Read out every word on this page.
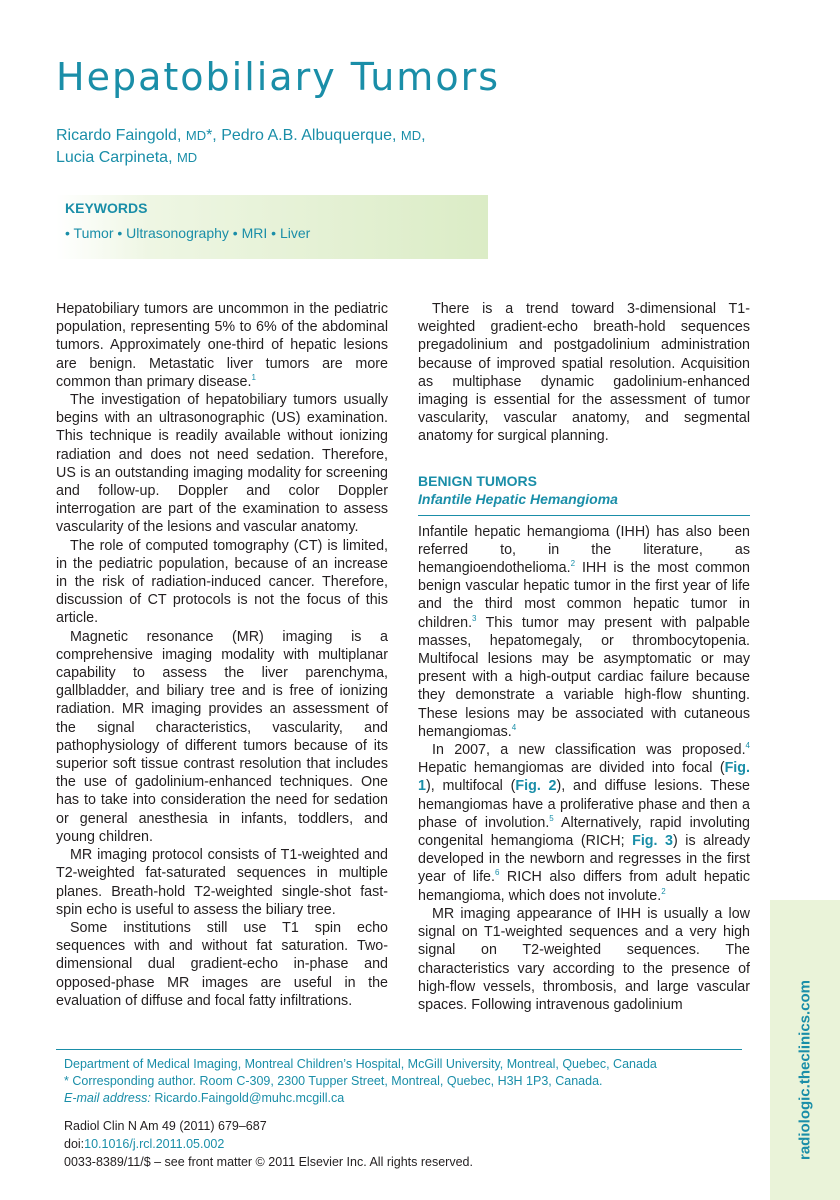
Hepatobiliary Tumors
Ricardo Faingold, MD*, Pedro A.B. Albuquerque, MD,
Lucia Carpineta, MD
KEYWORDS
• Tumor • Ultrasonography • MRI • Liver

Hepatobiliary tumors are uncommon in the pediatric population, representing 5% to 6% of the abdominal tumors. Approximately one-third of hepatic lesions are benign. Metastatic liver tumors are more common than primary disease.$^1$

The investigation of hepatobiliary tumors usually begins with an ultrasonographic (US) examination. This technique is readily available without ionizing radiation and does not need sedation. Therefore, US is an outstanding imaging modality for screening and follow-up. Doppler and color Doppler interrogation are part of the examination to assess vascularity of the lesions and vascular anatomy.

The role of computed tomography (CT) is limited, in the pediatric population, because of an increase in the risk of radiation-induced cancer. Therefore, discussion of CT protocols is not the focus of this article.

Magnetic resonance (MR) imaging is a comprehensive imaging modality with multiplanar capability to assess the liver parenchyma, gallbladder, and biliary tree and is free of ionizing radiation. MR imaging provides an assessment of the signal characteristics, vascularity, and pathophysiology of different tumors because of its superior soft tissue contrast resolution that includes the use of gadolinium-enhanced techniques. One has to take into consideration the need for sedation or general anesthesia in infants, toddlers, and young children.

MR imaging protocol consists of T1-weighted and T2-weighted fat-saturated sequences in multiple planes. Breath-hold T2-weighted single-shot fast-spin echo is useful to assess the biliary tree.

Some institutions still use T1 spin echo sequences with and without fat saturation. Two-dimensional dual gradient-echo in-phase and opposed-phase MR images are useful in the evaluation of diffuse and focal fatty infiltrations.

There is a trend toward 3-dimensional T1-weighted gradient-echo breath-hold sequences pregadolinium and postgadolinium administration because of improved spatial resolution. Acquisition as multiphase dynamic gadolinium-enhanced imaging is essential for the assessment of tumor vascularity, vascular anatomy, and segmental anatomy for surgical planning.

BENIGN TUMORS
Infantile Hepatic Hemangioma

Infantile hepatic hemangioma (IHH) has also been referred to, in the literature, as hemangioendothelioma.$^2$ IHH is the most common benign vascular hepatic tumor in the first year of life and the third most common hepatic tumor in children.$^3$ This tumor may present with palpable masses, hepatomegaly, or thrombocytopenia. Multifocal lesions may be asymptomatic or may present with a high-output cardiac failure because they demonstrate a variable high-flow shunting. These lesions may be associated with cutaneous hemangiomas.$^4$

In 2007, a new classification was proposed.$^4$ Hepatic hemangiomas are divided into focal (Fig. 1), multifocal (Fig. 2), and diffuse lesions. These hemangiomas have a proliferative phase and then a phase of involution.$^5$ Alternatively, rapid involuting congenital hemangioma (RICH; Fig. 3) is already developed in the newborn and regresses in the first year of life.$^6$ RICH also differs from adult hepatic hemangioma, which does not involute.$^2$

MR imaging appearance of IHH is usually a low signal on T1-weighted sequences and a very high signal on T2-weighted sequences. The characteristics vary according to the presence of high-flow vessels, thrombosis, and large vascular spaces. Following intravenous gadolinium

Department of Medical Imaging, Montreal Children’s Hospital, McGill University, Montreal, Quebec, Canada
* Corresponding author. Room C-309, 2300 Tupper Street, Montreal, Quebec, H3H 1P3, Canada.
E-mail address: Ricardo.Faingold@muhc.mcgill.ca
Radiol Clin N Am 49 (2011) 679–687
doi:10.1016/j.rcl.2011.05.002
0033-8389/11/$ – see front matter © 2011 Elsevier Inc. All rights reserved.
radiologic.theclinics.com
